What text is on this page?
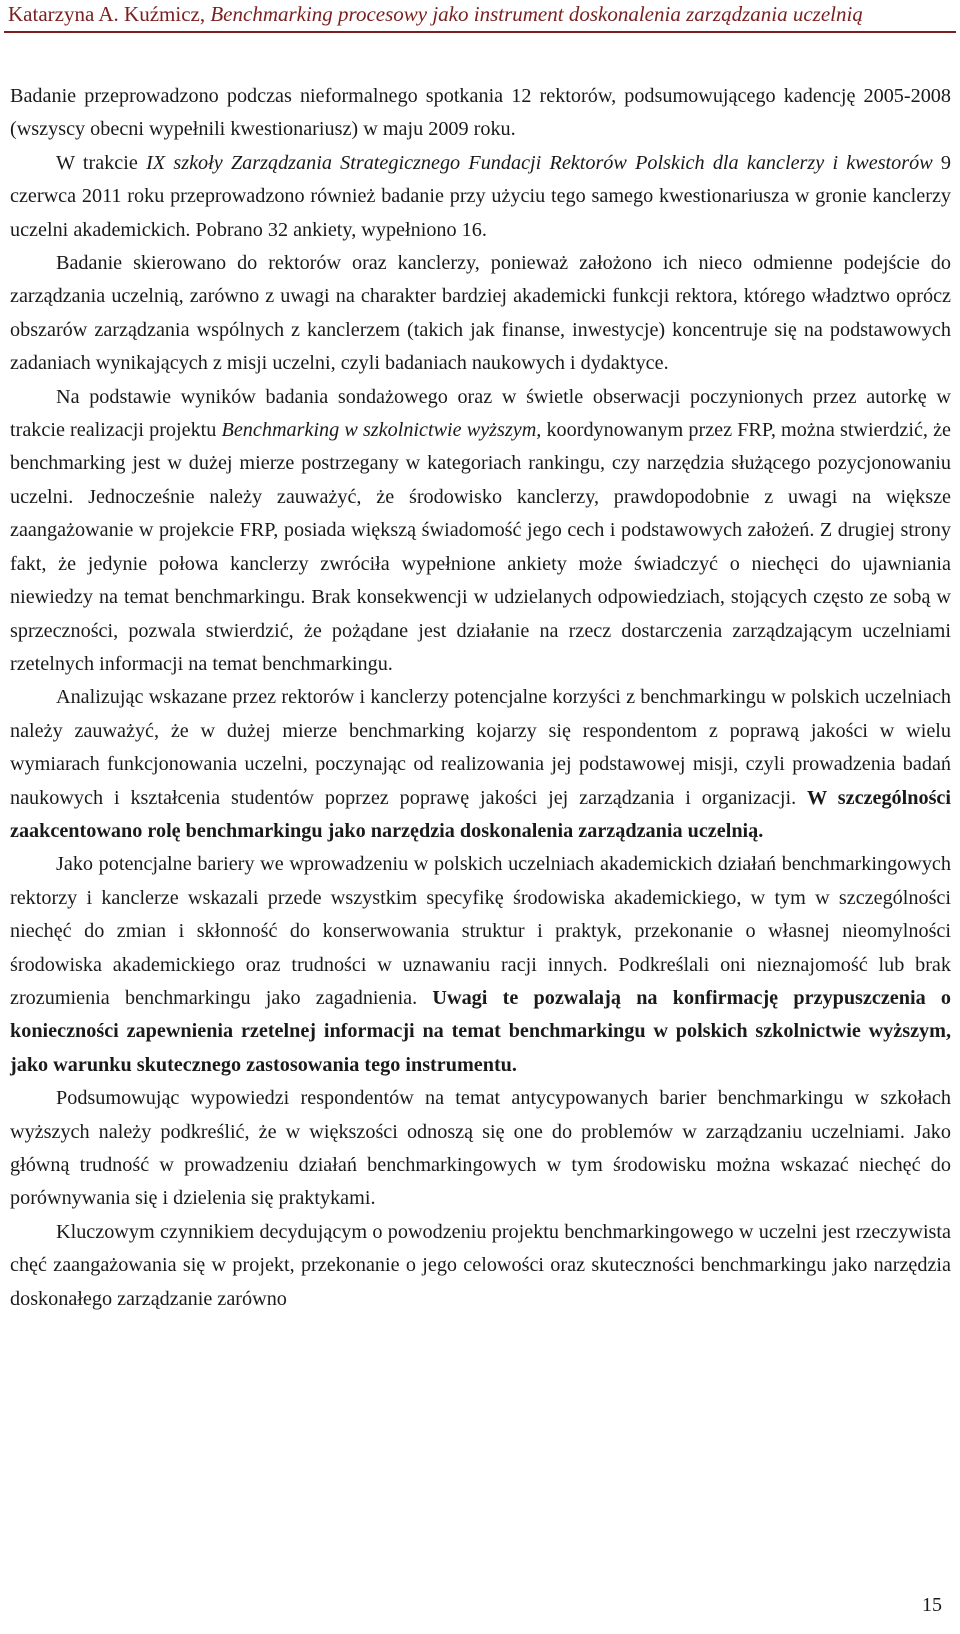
Katarzyna A. Kuźmicz, Benchmarking procesowy jako instrument doskonalenia zarządzania uczelnią

Badanie przeprowadzono podczas nieformalnego spotkania 12 rektorów, podsumowującego kadencję 2005-2008 (wszyscy obecni wypełnili kwestionariusz) w maju 2009 roku.

W trakcie IX szkoły Zarządzania Strategicznego Fundacji Rektorów Polskich dla kanclerzy i kwestorów 9 czerwca 2011 roku przeprowadzono również badanie przy użyciu tego samego kwestionariusza w gronie kanclerzy uczelni akademickich. Pobrano 32 ankiety, wypełniono 16.

Badanie skierowano do rektorów oraz kanclerzy, ponieważ założono ich nieco odmienne podejście do zarządzania uczelnią, zarówno z uwagi na charakter bardziej akademicki funkcji rektora, którego władztwo oprócz obszarów zarządzania wspólnych z kanclerzem (takich jak finanse, inwestycje) koncentruje się na podstawowych zadaniach wynikających z misji uczelni, czyli badaniach naukowych i dydaktyce.

Na podstawie wyników badania sondażowego oraz w świetle obserwacji poczynionych przez autorkę w trakcie realizacji projektu Benchmarking w szkolnictwie wyższym, koordynowanym przez FRP, można stwierdzić, że benchmarking jest w dużej mierze postrzegany w kategoriach rankingu, czy narzędzia służącego pozycjonowaniu uczelni. Jednocześnie należy zauważyć, że środowisko kanclerzy, prawdopodobnie z uwagi na większe zaangażowanie w projekcie FRP, posiada większą świadomość jego cech i podstawowych założeń. Z drugiej strony fakt, że jedynie połowa kanclerzy zwróciła wypełnione ankiety może świadczyć o niechęci do ujawniania niewiedzy na temat benchmarkingu. Brak konsekwencji w udzielanych odpowiedziach, stojących często ze sobą w sprzeczności, pozwala stwierdzić, że pożądane jest działanie na rzecz dostarczenia zarządzającym uczelniami rzetelnych informacji na temat benchmarkingu.

Analizując wskazane przez rektorów i kanclerzy potencjalne korzyści z benchmarkingu w polskich uczelniach należy zauważyć, że w dużej mierze benchmarking kojarzy się respondentom z poprawą jakości w wielu wymiarach funkcjonowania uczelni, poczynając od realizowania jej podstawowej misji, czyli prowadzenia badań naukowych i kształcenia studentów poprzez poprawę jakości jej zarządzania i organizacji. W szczególności zaakcentowano rolę benchmarkingu jako narzędzia doskonalenia zarządzania uczelnią.

Jako potencjalne bariery we wprowadzeniu w polskich uczelniach akademickich działań benchmarkingowych rektorzy i kanclerze wskazali przede wszystkim specyfikę środowiska akademickiego, w tym w szczególności niechęć do zmian i skłonność do konserwowania struktur i praktyk, przekonanie o własnej nieomylności środowiska akademickiego oraz trudności w uznawaniu racji innych. Podkreślali oni nieznajomość lub brak zrozumienia benchmarkingu jako zagadnienia. Uwagi te pozwalają na konfirmację przypuszczenia o konieczności zapewnienia rzetelnej informacji na temat benchmarkingu w polskich szkolnictwie wyższym, jako warunku skutecznego zastosowania tego instrumentu.

Podsumowując wypowiedzi respondentów na temat antycypowanych barier benchmarkingu w szkołach wyższych należy podkreślić, że w większości odnoszą się one do problemów w zarządzaniu uczelniami. Jako główną trudność w prowadzeniu działań benchmarkingowych w tym środowisku można wskazać niechęć do porównywania się i dzielenia się praktykami.

Kluczowym czynnikiem decydującym o powodzeniu projektu benchmarkingowego w uczelni jest rzeczywista chęć zaangażowania się w projekt, przekonanie o jego celowości oraz skuteczności benchmarkingu jako narzędzia doskonałego zarządzanie zarówno

15
